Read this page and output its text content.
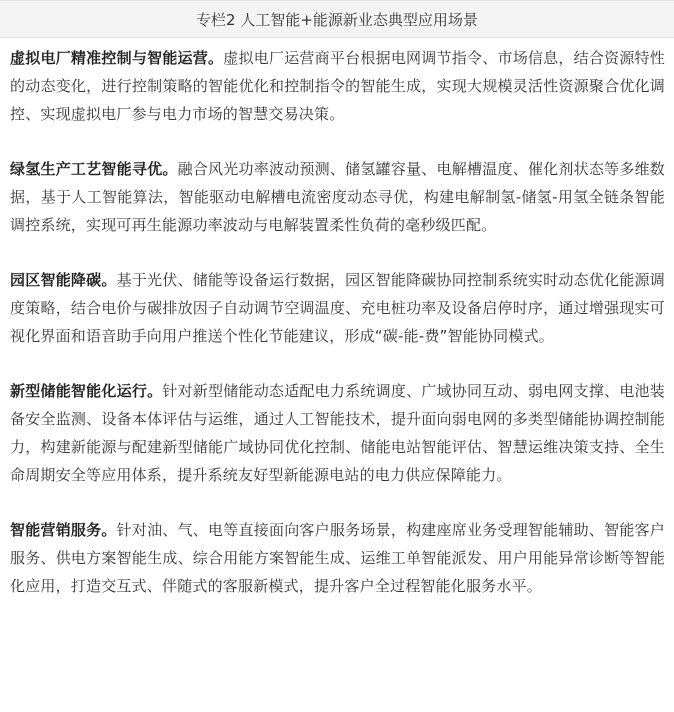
专栏2 人工智能+能源新业态典型应用场景

虚拟电厂精准控制与智能运营。虚拟电厂运营商平台根据电网调节指令、市场信息，结合资源特性的动态变化，进行控制策略的智能优化和控制指令的智能生成，实现大规模灵活性资源聚合优化调控、实现虚拟电厂参与电力市场的智慧交易决策。

绿氢生产工艺智能寻优。融合风光功率波动预测、储氢罐容量、电解槽温度、催化剂状态等多维数据，基于人工智能算法，智能驱动电解槽电流密度动态寻优，构建电解制氢-储氢-用氢全链条智能调控系统，实现可再生能源功率波动与电解装置柔性负荷的毫秒级匹配。

园区智能降碳。基于光伏、储能等设备运行数据，园区智能降碳协同控制系统实时动态优化能源调度策略，结合电价与碳排放因子自动调节空调温度、充电桩功率及设备启停时序，通过增强现实可视化界面和语音助手向用户推送个性化节能建议，形成“碳-能-费”智能协同模式。

新型储能智能化运行。针对新型储能动态适配电力系统调度、广域协同互动、弱电网支撑、电池装备安全监测、设备本体评估与运维，通过人工智能技术，提升面向弱电网的多类型储能协调控制能力，构建新能源与配建新型储能广域协同优化控制、储能电站智能评估、智慧运维决策支持、全生命周期安全等应用体系，提升系统友好型新能源电站的电力供应保障能力。

智能营销服务。针对油、气、电等直接面向客户服务场景，构建座席业务受理智能辅助、智能客户服务、供电方案智能生成、综合用能方案智能生成、运维工单智能派发、用户用能异常诊断等智能化应用，打造交互式、伴随式的客服新模式，提升客户全过程智能化服务水平。
